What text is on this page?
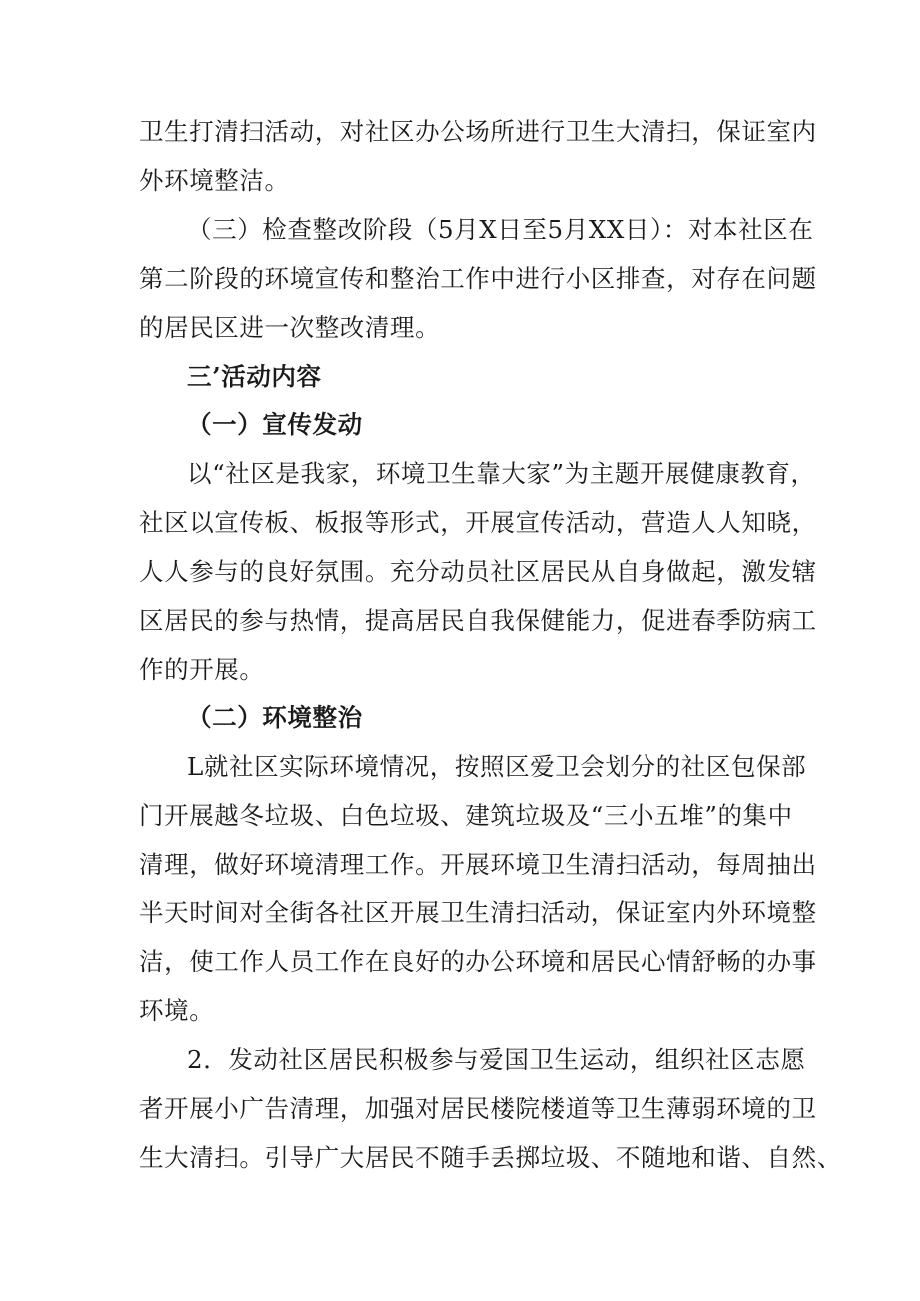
卫生打清扫活动，对社区办公场所进行卫生大清扫，保证室内
外环境整洁。
（三）检查整改阶段（5月X日至5月XX日）：对本社区在
第二阶段的环境宣传和整治工作中进行小区排查，对存在问题
的居民区进一次整改清理。
三’活动内容
（一）宣传发动
以“社区是我家，环境卫生靠大家”为主题开展健康教育，
社区以宣传板、板报等形式，开展宣传活动，营造人人知晓，
人人参与的良好氛围。充分动员社区居民从自身做起，激发辖
区居民的参与热情，提高居民自我保健能力，促进春季防病工
作的开展。
（二）环境整治
L就社区实际环境情况，按照区爱卫会划分的社区包保部
门开展越冬垃圾、白色垃圾、建筑垃圾及“三小五堆”的集中
清理，做好环境清理工作。开展环境卫生清扫活动，每周抽出
半天时间对全街各社区开展卫生清扫活动，保证室内外环境整
洁，使工作人员工作在良好的办公环境和居民心情舒畅的办事
环境。
2．发动社区居民积极参与爱国卫生运动，组织社区志愿
者开展小广告清理，加强对居民楼院楼道等卫生薄弱环境的卫
生大清扫。引导广大居民不随手丢掷垃圾、不随地和谐、自然、
